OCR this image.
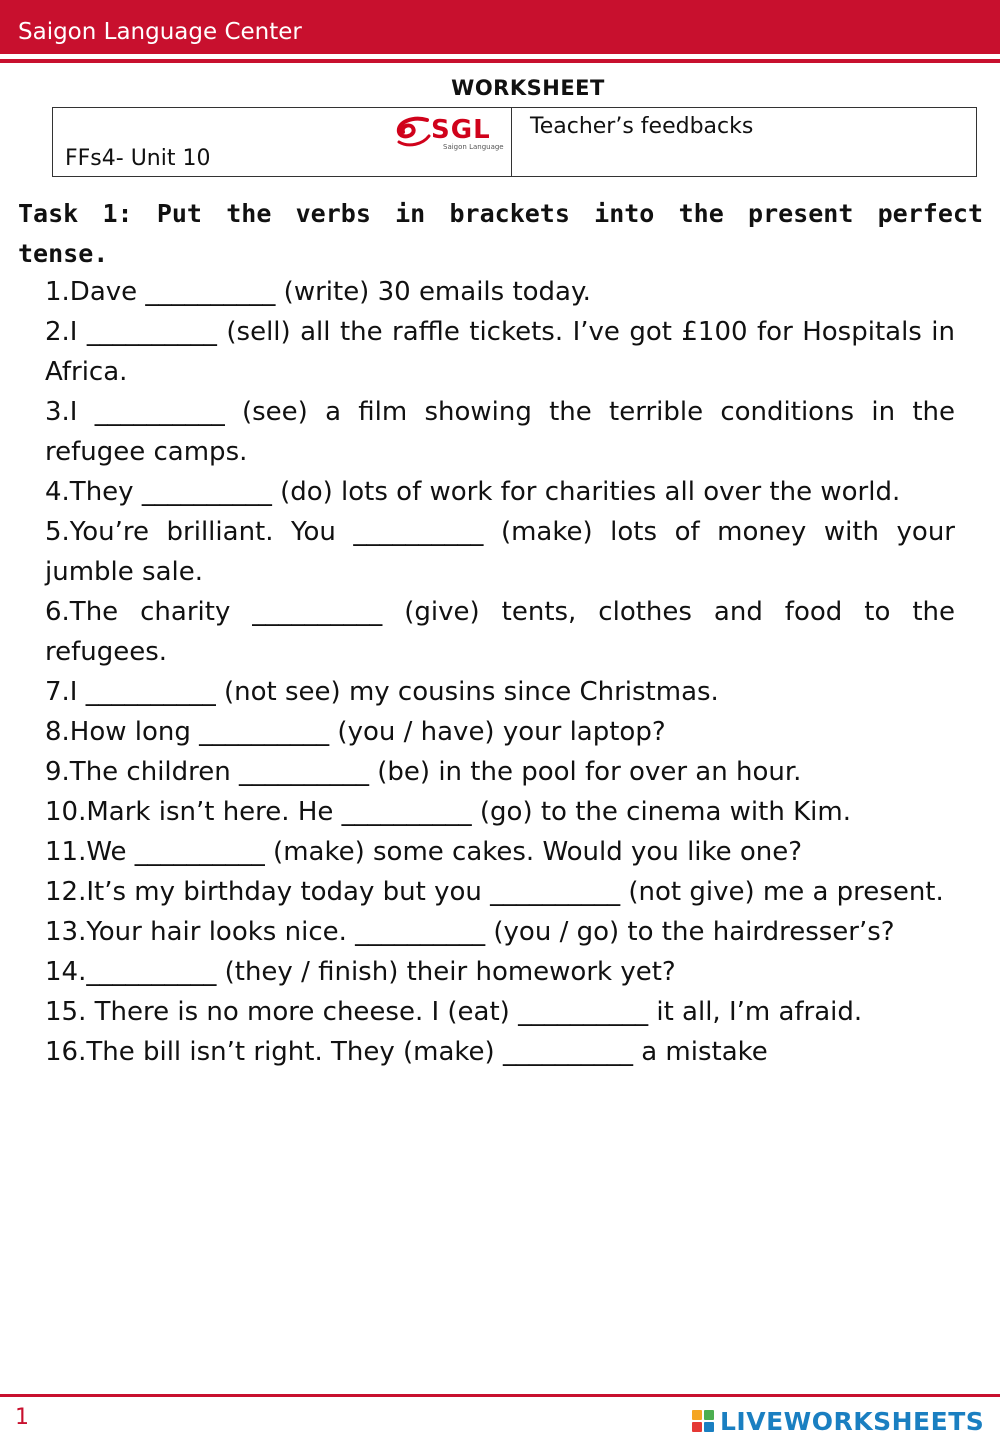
Saigon Language Center
WORKSHEET
FFs4- Unit 10
SGL
Saigon Language
Teacher’s feedbacks
Task 1: Put the verbs in brackets into the present perfect tense.
1.Dave __________ (write) 30 emails today.
2.I __________ (sell) all the raffle tickets. I’ve got £100 for Hospitals in Africa.
3.I __________ (see) a film showing the terrible conditions in the refugee camps.
4.They __________ (do) lots of work for charities all over the world.
5.You’re brilliant. You __________ (make) lots of money with your jumble sale.
6.The charity __________ (give) tents, clothes and food to the refugees.
7.I __________ (not see) my cousins since Christmas.
8.How long __________ (you / have) your laptop?
9.The children __________ (be) in the pool for over an hour.
10.Mark isn’t here. He __________ (go) to the cinema with Kim.
11.We __________ (make) some cakes. Would you like one?
12.It’s my birthday today but you __________ (not give) me a present.
13.Your hair looks nice. __________ (you / go) to the hairdresser’s?
14.__________ (they / finish) their homework yet?
15. There is no more cheese. I (eat) __________ it all, I’m afraid.
16.The bill isn’t right. They (make) __________ a mistake
1	LIVEWORKSHEETS
